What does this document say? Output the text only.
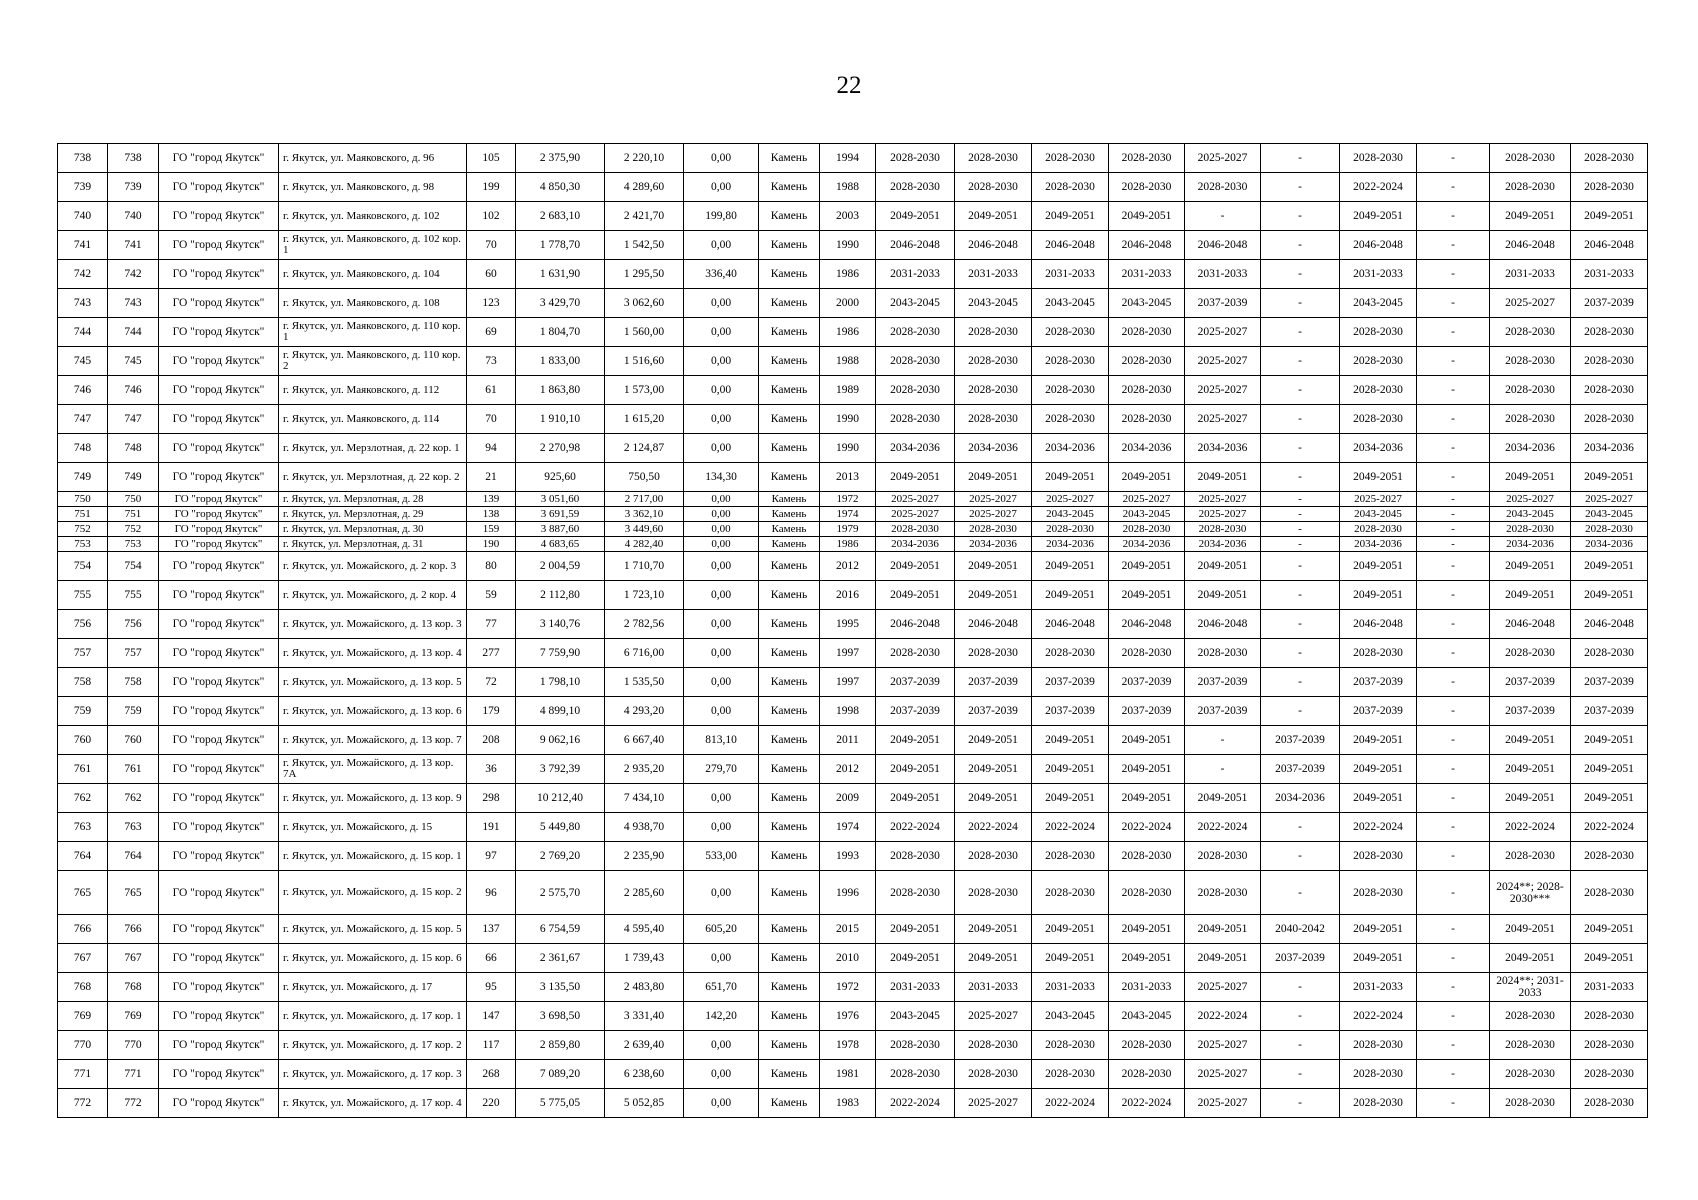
22
738	738	ГО "город Якутск"	г. Якутск, ул. Маяковского, д. 96	105	2 375,90	2 220,10	0,00	Камень	1994	2028-2030	2028-2030	2028-2030	2028-2030	2025-2027	-	2028-2030	-	2028-2030	2028-2030
739	739	ГО "город Якутск"	г. Якутск, ул. Маяковского, д. 98	199	4 850,30	4 289,60	0,00	Камень	1988	2028-2030	2028-2030	2028-2030	2028-2030	2028-2030	-	2022-2024	-	2028-2030	2028-2030
740	740	ГО "город Якутск"	г. Якутск, ул. Маяковского, д. 102	102	2 683,10	2 421,70	199,80	Камень	2003	2049-2051	2049-2051	2049-2051	2049-2051	-	-	2049-2051	-	2049-2051	2049-2051
741	741	ГО "город Якутск"	г. Якутск, ул. Маяковского, д. 102 кор. 1	70	1 778,70	1 542,50	0,00	Камень	1990	2046-2048	2046-2048	2046-2048	2046-2048	2046-2048	-	2046-2048	-	2046-2048	2046-2048
742	742	ГО "город Якутск"	г. Якутск, ул. Маяковского, д. 104	60	1 631,90	1 295,50	336,40	Камень	1986	2031-2033	2031-2033	2031-2033	2031-2033	2031-2033	-	2031-2033	-	2031-2033	2031-2033
743	743	ГО "город Якутск"	г. Якутск, ул. Маяковского, д. 108	123	3 429,70	3 062,60	0,00	Камень	2000	2043-2045	2043-2045	2043-2045	2043-2045	2037-2039	-	2043-2045	-	2025-2027	2037-2039
744	744	ГО "город Якутск"	г. Якутск, ул. Маяковского, д. 110 кор. 1	69	1 804,70	1 560,00	0,00	Камень	1986	2028-2030	2028-2030	2028-2030	2028-2030	2025-2027	-	2028-2030	-	2028-2030	2028-2030
745	745	ГО "город Якутск"	г. Якутск, ул. Маяковского, д. 110 кор. 2	73	1 833,00	1 516,60	0,00	Камень	1988	2028-2030	2028-2030	2028-2030	2028-2030	2025-2027	-	2028-2030	-	2028-2030	2028-2030
746	746	ГО "город Якутск"	г. Якутск, ул. Маяковского, д. 112	61	1 863,80	1 573,00	0,00	Камень	1989	2028-2030	2028-2030	2028-2030	2028-2030	2025-2027	-	2028-2030	-	2028-2030	2028-2030
747	747	ГО "город Якутск"	г. Якутск, ул. Маяковского, д. 114	70	1 910,10	1 615,20	0,00	Камень	1990	2028-2030	2028-2030	2028-2030	2028-2030	2025-2027	-	2028-2030	-	2028-2030	2028-2030
748	748	ГО "город Якутск"	г. Якутск, ул. Мерзлотная, д. 22 кор. 1	94	2 270,98	2 124,87	0,00	Камень	1990	2034-2036	2034-2036	2034-2036	2034-2036	2034-2036	-	2034-2036	-	2034-2036	2034-2036
749	749	ГО "город Якутск"	г. Якутск, ул. Мерзлотная, д. 22 кор. 2	21	925,60	750,50	134,30	Камень	2013	2049-2051	2049-2051	2049-2051	2049-2051	2049-2051	-	2049-2051	-	2049-2051	2049-2051
750	750	ГО "город Якутск"	г. Якутск, ул. Мерзлотная, д. 28	139	3 051,60	2 717,00	0,00	Камень	1972	2025-2027	2025-2027	2025-2027	2025-2027	2025-2027	-	2025-2027	-	2025-2027	2025-2027
751	751	ГО "город Якутск"	г. Якутск, ул. Мерзлотная, д. 29	138	3 691,59	3 362,10	0,00	Камень	1974	2025-2027	2025-2027	2043-2045	2043-2045	2025-2027	-	2043-2045	-	2043-2045	2043-2045
752	752	ГО "город Якутск"	г. Якутск, ул. Мерзлотная, д. 30	159	3 887,60	3 449,60	0,00	Камень	1979	2028-2030	2028-2030	2028-2030	2028-2030	2028-2030	-	2028-2030	-	2028-2030	2028-2030
753	753	ГО "город Якутск"	г. Якутск, ул. Мерзлотная, д. 31	190	4 683,65	4 282,40	0,00	Камень	1986	2034-2036	2034-2036	2034-2036	2034-2036	2034-2036	-	2034-2036	-	2034-2036	2034-2036
754	754	ГО "город Якутск"	г. Якутск, ул. Можайского, д. 2 кор. 3	80	2 004,59	1 710,70	0,00	Камень	2012	2049-2051	2049-2051	2049-2051	2049-2051	2049-2051	-	2049-2051	-	2049-2051	2049-2051
755	755	ГО "город Якутск"	г. Якутск, ул. Можайского, д. 2 кор. 4	59	2 112,80	1 723,10	0,00	Камень	2016	2049-2051	2049-2051	2049-2051	2049-2051	2049-2051	-	2049-2051	-	2049-2051	2049-2051
756	756	ГО "город Якутск"	г. Якутск, ул. Можайского, д. 13 кор. 3	77	3 140,76	2 782,56	0,00	Камень	1995	2046-2048	2046-2048	2046-2048	2046-2048	2046-2048	-	2046-2048	-	2046-2048	2046-2048
757	757	ГО "город Якутск"	г. Якутск, ул. Можайского, д. 13 кор. 4	277	7 759,90	6 716,00	0,00	Камень	1997	2028-2030	2028-2030	2028-2030	2028-2030	2028-2030	-	2028-2030	-	2028-2030	2028-2030
758	758	ГО "город Якутск"	г. Якутск, ул. Можайского, д. 13 кор. 5	72	1 798,10	1 535,50	0,00	Камень	1997	2037-2039	2037-2039	2037-2039	2037-2039	2037-2039	-	2037-2039	-	2037-2039	2037-2039
759	759	ГО "город Якутск"	г. Якутск, ул. Можайского, д. 13 кор. 6	179	4 899,10	4 293,20	0,00	Камень	1998	2037-2039	2037-2039	2037-2039	2037-2039	2037-2039	-	2037-2039	-	2037-2039	2037-2039
760	760	ГО "город Якутск"	г. Якутск, ул. Можайского, д. 13 кор. 7	208	9 062,16	6 667,40	813,10	Камень	2011	2049-2051	2049-2051	2049-2051	2049-2051	-	2037-2039	2049-2051	-	2049-2051	2049-2051
761	761	ГО "город Якутск"	г. Якутск, ул. Можайского, д. 13 кор. 7А	36	3 792,39	2 935,20	279,70	Камень	2012	2049-2051	2049-2051	2049-2051	2049-2051	-	2037-2039	2049-2051	-	2049-2051	2049-2051
762	762	ГО "город Якутск"	г. Якутск, ул. Можайского, д. 13 кор. 9	298	10 212,40	7 434,10	0,00	Камень	2009	2049-2051	2049-2051	2049-2051	2049-2051	2049-2051	2034-2036	2049-2051	-	2049-2051	2049-2051
763	763	ГО "город Якутск"	г. Якутск, ул. Можайского, д. 15	191	5 449,80	4 938,70	0,00	Камень	1974	2022-2024	2022-2024	2022-2024	2022-2024	2022-2024	-	2022-2024	-	2022-2024	2022-2024
764	764	ГО "город Якутск"	г. Якутск, ул. Можайского, д. 15 кор. 1	97	2 769,20	2 235,90	533,00	Камень	1993	2028-2030	2028-2030	2028-2030	2028-2030	2028-2030	-	2028-2030	-	2028-2030	2028-2030
765	765	ГО "город Якутск"	г. Якутск, ул. Можайского, д. 15 кор. 2	96	2 575,70	2 285,60	0,00	Камень	1996	2028-2030	2028-2030	2028-2030	2028-2030	2028-2030	-	2028-2030	-	2024**; 2028-2030***	2028-2030
766	766	ГО "город Якутск"	г. Якутск, ул. Можайского, д. 15 кор. 5	137	6 754,59	4 595,40	605,20	Камень	2015	2049-2051	2049-2051	2049-2051	2049-2051	2049-2051	2040-2042	2049-2051	-	2049-2051	2049-2051
767	767	ГО "город Якутск"	г. Якутск, ул. Можайского, д. 15 кор. 6	66	2 361,67	1 739,43	0,00	Камень	2010	2049-2051	2049-2051	2049-2051	2049-2051	2049-2051	2037-2039	2049-2051	-	2049-2051	2049-2051
768	768	ГО "город Якутск"	г. Якутск, ул. Можайского, д. 17	95	3 135,50	2 483,80	651,70	Камень	1972	2031-2033	2031-2033	2031-2033	2031-2033	2025-2027	-	2031-2033	-	2024**; 2031-2033	2031-2033
769	769	ГО "город Якутск"	г. Якутск, ул. Можайского, д. 17 кор. 1	147	3 698,50	3 331,40	142,20	Камень	1976	2043-2045	2025-2027	2043-2045	2043-2045	2022-2024	-	2022-2024	-	2028-2030	2028-2030
770	770	ГО "город Якутск"	г. Якутск, ул. Можайского, д. 17 кор. 2	117	2 859,80	2 639,40	0,00	Камень	1978	2028-2030	2028-2030	2028-2030	2028-2030	2025-2027	-	2028-2030	-	2028-2030	2028-2030
771	771	ГО "город Якутск"	г. Якутск, ул. Можайского, д. 17 кор. 3	268	7 089,20	6 238,60	0,00	Камень	1981	2028-2030	2028-2030	2028-2030	2028-2030	2025-2027	-	2028-2030	-	2028-2030	2028-2030
772	772	ГО "город Якутск"	г. Якутск, ул. Можайского, д. 17 кор. 4	220	5 775,05	5 052,85	0,00	Камень	1983	2022-2024	2025-2027	2022-2024	2022-2024	2025-2027	-	2028-2030	-	2028-2030	2028-2030
